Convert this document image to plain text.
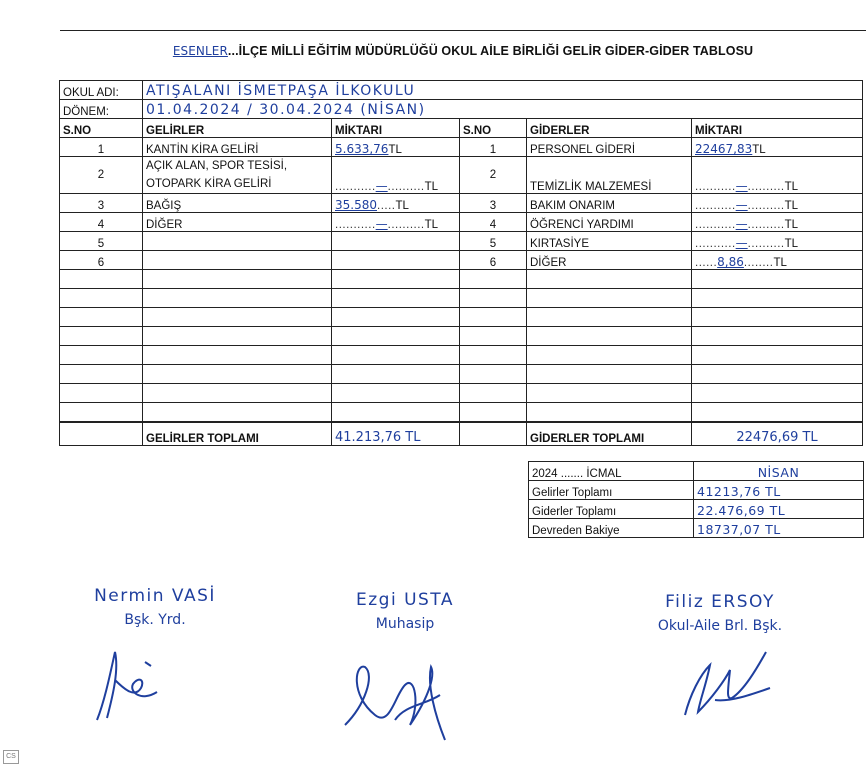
ESENLER...İLÇE MİLLİ EĞİTİM MÜDÜRLÜĞÜ OKUL AİLE BİRLİĞİ GELİR GİDER-GİDER TABLOSU
OKUL ADI:	ATIŞALANI İSMETPAŞA İLKOKULU				
DÖNEM:	01.04.2024 / 30.04.2024 (NİSAN)				
S.NO	GELİRLER	MİKTARI	S.NO	GİDERLER	MİKTARI
1	KANTİN KİRA GELİRİ	5.633,76TL	1	PERSONEL GİDERİ	22467,83TL
2	AÇIK ALAN, SPOR TESİSİ,
OTOPARK KİRA GELİRİ	...........—..........TL	2	TEMİZLİK MALZEMESİ	...........—..........TL
3	BAĞIŞ	35.580.....TL	3	BAKIM ONARIM	...........—..........TL
4	DİĞER	...........—..........TL	4	ÖĞRENCİ YARDIMI	...........—..........TL
5			5	KIRTASİYE	...........—..........TL
6			6	DİĞER	......8,86........TL

	GELİRLER TOPLAMI	41.213,76 TL		GİDERLER TOPLAMI	22476,69 TL
2024 ....... İCMAL	NİSAN
Gelirler Toplamı	41213,76 TL
Giderler Toplamı	22.476,69 TL
Devreden Bakiye	18737,07 TL
Nermin VASİ
Bşk. Yrd.
Ezgi USTA
Muhasip
Filiz ERSOY
Okul-Aile Brl. Bşk.
CS
